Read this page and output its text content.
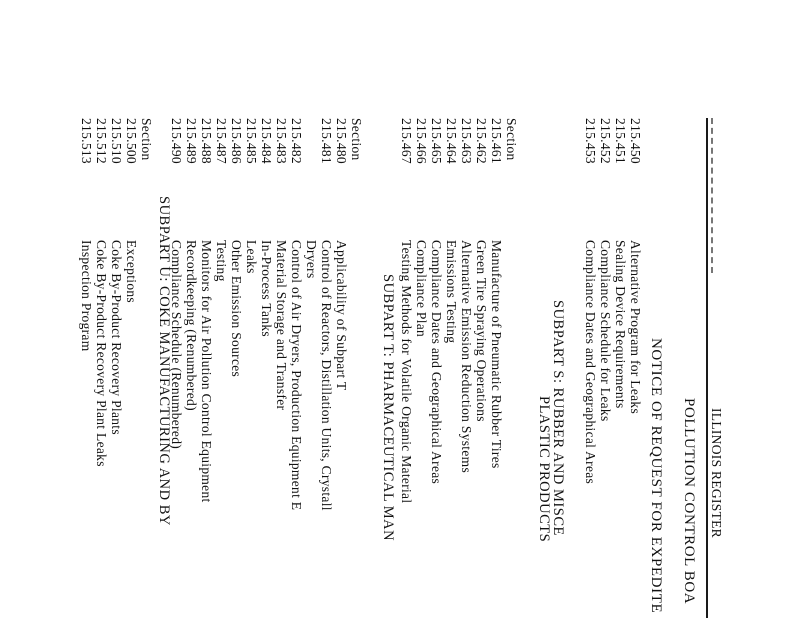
ILLINOIS REGISTER
POLLUTION CONTROL BOA
NOTICE OF REQUEST FOR EXPEDITE
215.450
215.451
215.452
215.453
Alternative Program for Leaks
Sealing Device Requirements
Compliance Schedule for Leaks
Compliance Dates and Geographical Areas
SUBPART S: RUBBER AND MISCE
PLASTIC PRODUCTS
Section
215.461
215.462
215.463
215.464
215.465
215.466
215.467
Manufacture of Pneumatic Rubber Tires
Green Tire Spraying Operations
Alternative Emission Reduction Systems
Emissions Testing
Compliance Dates and Geographical Areas
Compliance Plan
Testing Methods for Volatile Organic Material
SUBPART T: PHARMACEUTICAL MAN
Section
215.480
215.481
215.482
215.483
215.484
215.485
215.486
215.487
215.488
215.489
215.490
Applicability of Subpart T
Control of Reactors, Distillation Units, Crystall
Dryers
Control of Air Dryers, Production Equipment E
Material Storage and Transfer
In-Process Tanks
Leaks
Other Emission Sources
Testing
Monitors for Air Pollution Control Equipment
Recordkeeping (Renumbered)
Compliance Schedule (Renumbered)
SUBPART U: COKE MANUFACTURING AND BY
Section
215.500
215.510
215.512
215.513
Exceptions
Coke By-Product Recovery Plants
Coke By-Product Recovery Plant Leaks
Inspection Program
